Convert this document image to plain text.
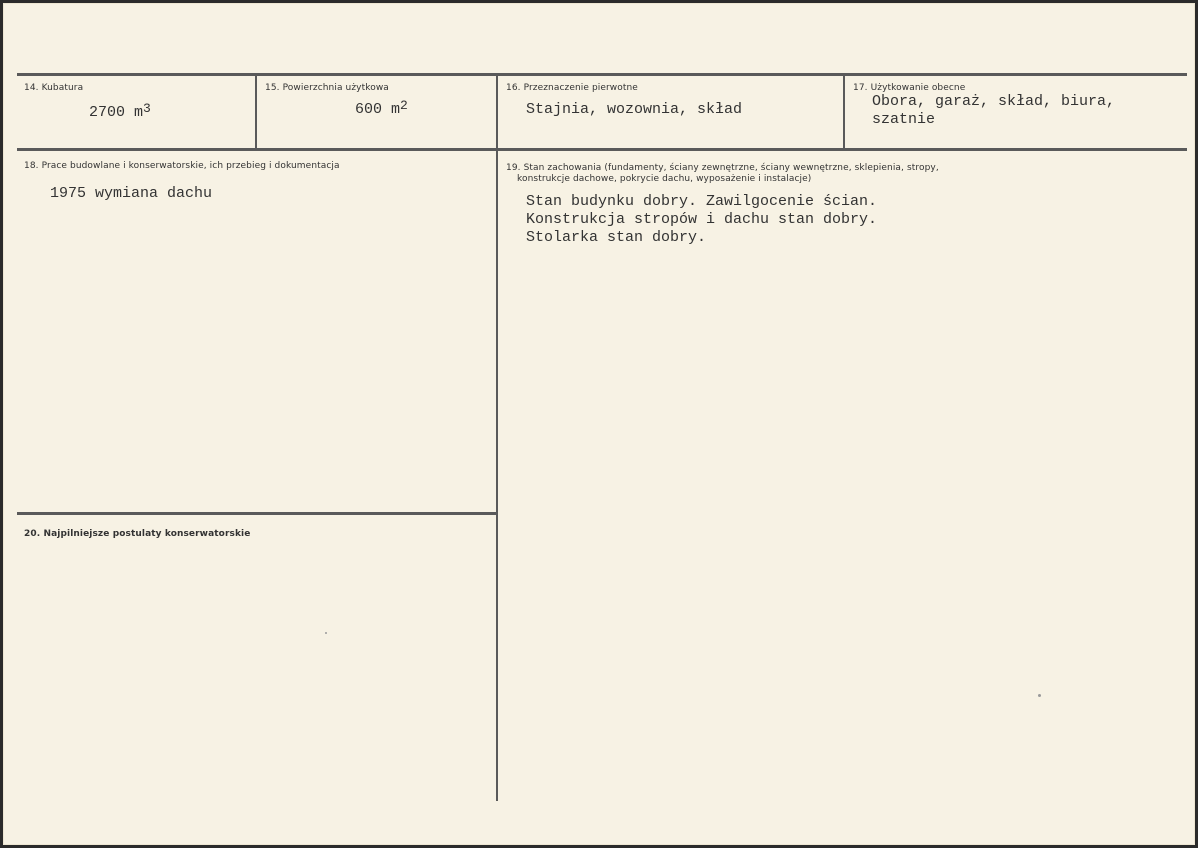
14. Kubatura
2700 $m^3$
15. Powierzchnia użytkowa
600 $m^2$
16. Przeznaczenie pierwotne
Stajnia, wozownia, skład
17. Użytkowanie obecne
Obora, garaż, skład, biura,
szatnie
18. Prace budowlane i konserwatorskie, ich przebieg i dokumentacja
1975 wymiana dachu
19. Stan zachowania (fundamenty, ściany zewnętrzne, ściany wewnętrzne, sklepienia, stropy,
konstrukcje dachowe, pokrycie dachu, wyposażenie i instalacje)
Stan budynku dobry. Zawilgocenie ścian.
Konstrukcja stropów i dachu stan dobry.
Stolarka stan dobry.
20. Najpilniejsze postulaty konserwatorskie
